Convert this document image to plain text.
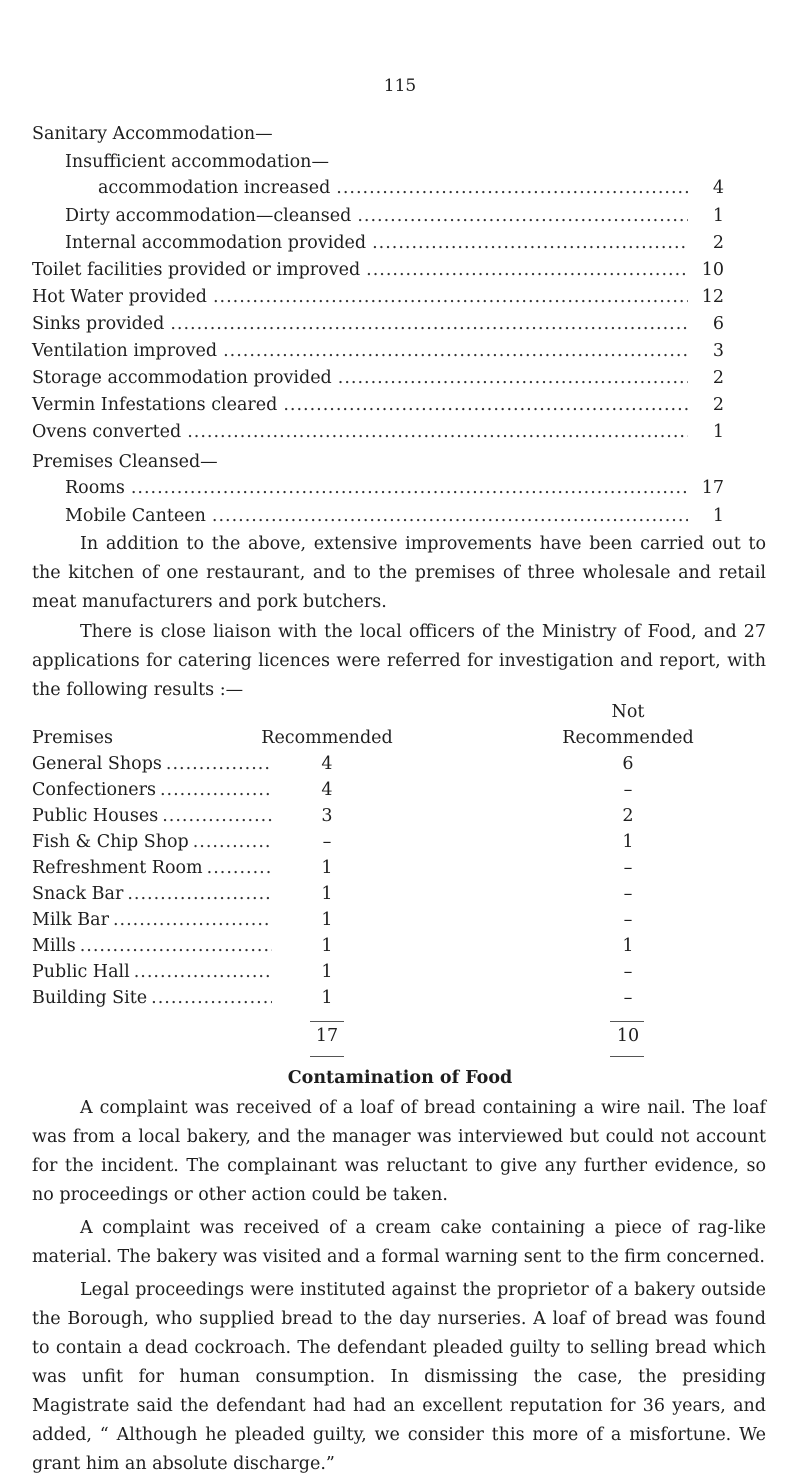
115
Sanitary Accommodation—
Insufficient accommodation—
accommodation increased .....	4
Dirty accommodation—cleansed .....	1
Internal accommodation provided .....	2
Toilet facilities provided or improved .....	10
Hot Water provided .....	12
Sinks provided .....	6
Ventilation improved .....	3
Storage accommodation provided .....	2
Vermin Infestations cleared .....	2
Ovens converted .....	1
Premises Cleansed—
Rooms .....	17
Mobile Canteen .....	1

In addition to the above, extensive improvements have been carried out to the kitchen of one restaurant, and to the premises of three wholesale and retail meat manufacturers and pork butchers.

There is close liaison with the local officers of the Ministry of Food, and 27 applications for catering licences were referred for investigation and report, with the following results :—

Not
Premises	Recommended	Recommended
General Shops .....	4	6
Confectioners .....	4	–
Public Houses .....	3	2
Fish & Chip Shop .....	–	1
Refreshment Room .....	1	–
Snack Bar .....	1	–
Milk Bar .....	1	–
Mills .....	1	1
Public Hall .....	1	–
Building Site .....	1	–
17	10
Contamination of Food

A complaint was received of a loaf of bread containing a wire nail. The loaf was from a local bakery, and the manager was interviewed but could not account for the incident. The complainant was reluctant to give any further evidence, so no proceedings or other action could be taken.

A complaint was received of a cream cake containing a piece of rag-like material. The bakery was visited and a formal warning sent to the firm concerned.

Legal proceedings were instituted against the proprietor of a bakery outside the Borough, who supplied bread to the day nurseries. A loaf of bread was found to contain a dead cockroach. The defendant pleaded guilty to selling bread which was unfit for human consumption. In dismissing the case, the presiding Magistrate said the defendant had had an excellent reputation for 36 years, and added, “ Although he pleaded guilty, we consider this more of a misfortune. We grant him an absolute discharge.”
